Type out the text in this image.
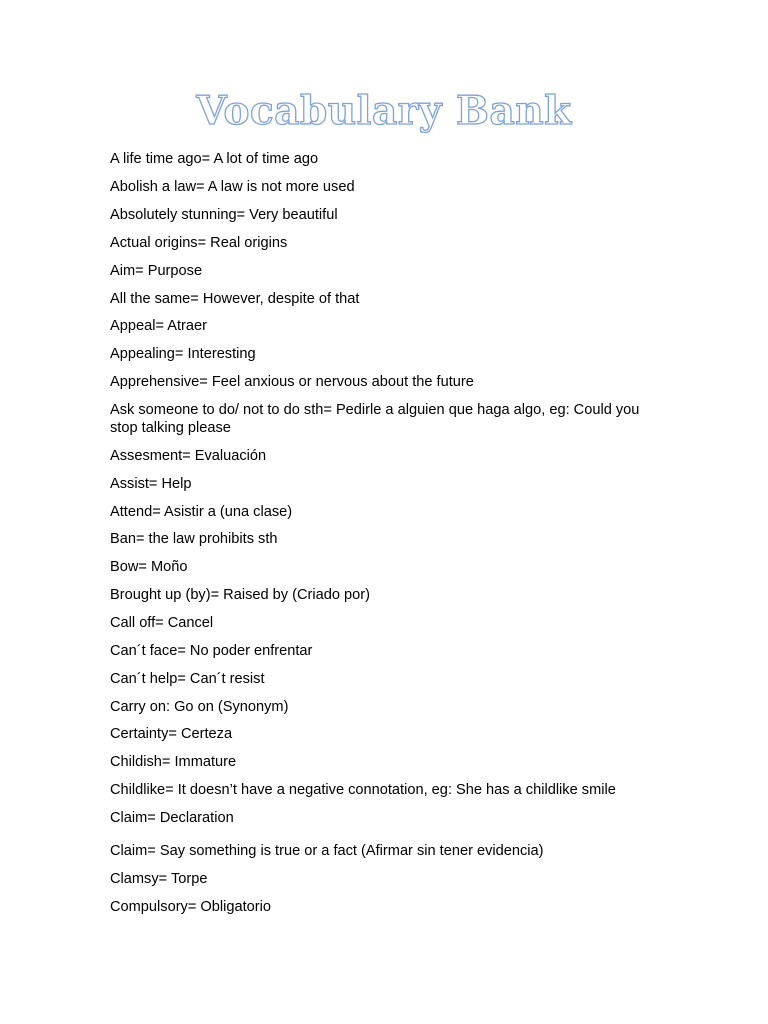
Vocabulary Bank
A life time ago= A lot of time ago
Abolish a law= A law is not more used
Absolutely stunning= Very beautiful
Actual origins= Real origins
Aim= Purpose
All the same= However, despite of that
Appeal= Atraer
Appealing= Interesting
Apprehensive= Feel anxious or nervous about the future
Ask someone to do/ not to do sth= Pedirle a alguien que haga algo, eg: Could you stop talking please
Assesment= Evaluación
Assist= Help
Attend= Asistir a (una clase)
Ban= the law prohibits sth
Bow= Moño
Brought up (by)= Raised by (Criado por)
Call off= Cancel
Can´t face= No poder enfrentar
Can´t help= Can´t resist
Carry on: Go on (Synonym)
Certainty= Certeza
Childish= Immature
Childlike= It doesn’t have a negative connotation, eg: She has a childlike smile
Claim= Declaration
Claim= Say something is true or a fact (Afirmar sin tener evidencia)
Clamsy= Torpe
Compulsory= Obligatorio
